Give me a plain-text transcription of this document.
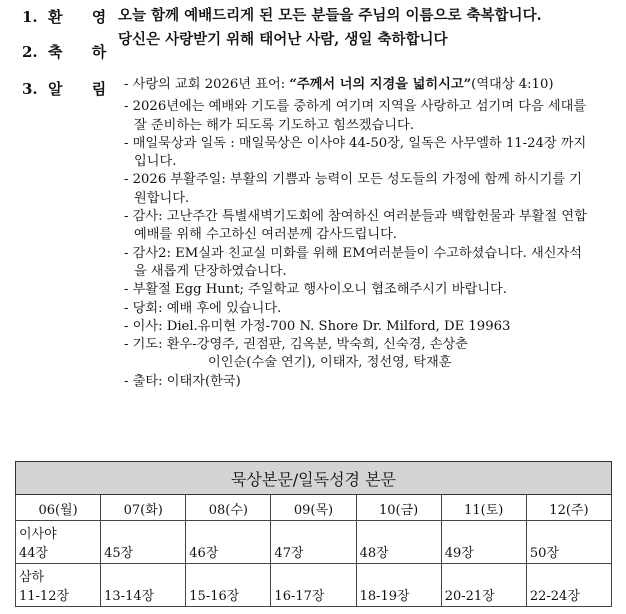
1. 환 영 오늘 함께 예배드리게 된 모든 분들을 주님의 이름으로 축복합니다.
2. 축 하
당신은 사랑받기 위해 태어난 사람, 생일 축하합니다
3. 알 림 - 사랑의 교회 2026년 표어: “주께서 너의 지경을 넓히시고”(역대상 4:10)
- 2026년에는 예배와 기도를 중하게 여기며 지역을 사랑하고 섬기며 다음 세대를 잘 준비하는 해가 되도록 기도하고 힘쓰겠습니다.
- 매일묵상과 일독 : 매일묵상은 이사야 44-50장, 일독은 사무엘하 11-24장 까지 입니다.
- 2026 부활주일: 부활의 기쁨과 능력이 모든 성도들의 가정에 함께 하시기를 기원합니다.
- 감사: 고난주간 특별새벽기도회에 참여하신 여러분들과 백합헌물과 부활절 연합예배를 위해 수고하신 여러분께 감사드립니다.
- 감사2: EM실과 친교실 미화를 위해 EM여러분들이 수고하셨습니다. 새신자석을 새롭게 단장하였습니다.
- 부활절 Egg Hunt; 주일학교 행사이오니 협조해주시기 바랍니다.
- 당회: 예배 후에 있습니다.
- 이사: Diel.유미현 가정-700 N. Shore Dr. Milford, DE 19963
- 기도: 환우-강영주, 권점판, 김옥분, 박숙희, 신숙경, 손상춘
이인순(수술 연기), 이태자, 정선영, 탁재훈
- 출타: 이태자(한국)
묵상본문/일독성경 본문						
06(월)	07(화)	08(수)	09(목)	10(금)	11(토)	12(주)

이사야
44장	45장	46장	47장	48장	49장	50장

삼하
11-12장	13-14장	15-16장	16-17장	18-19장	20-21장	22-24장
